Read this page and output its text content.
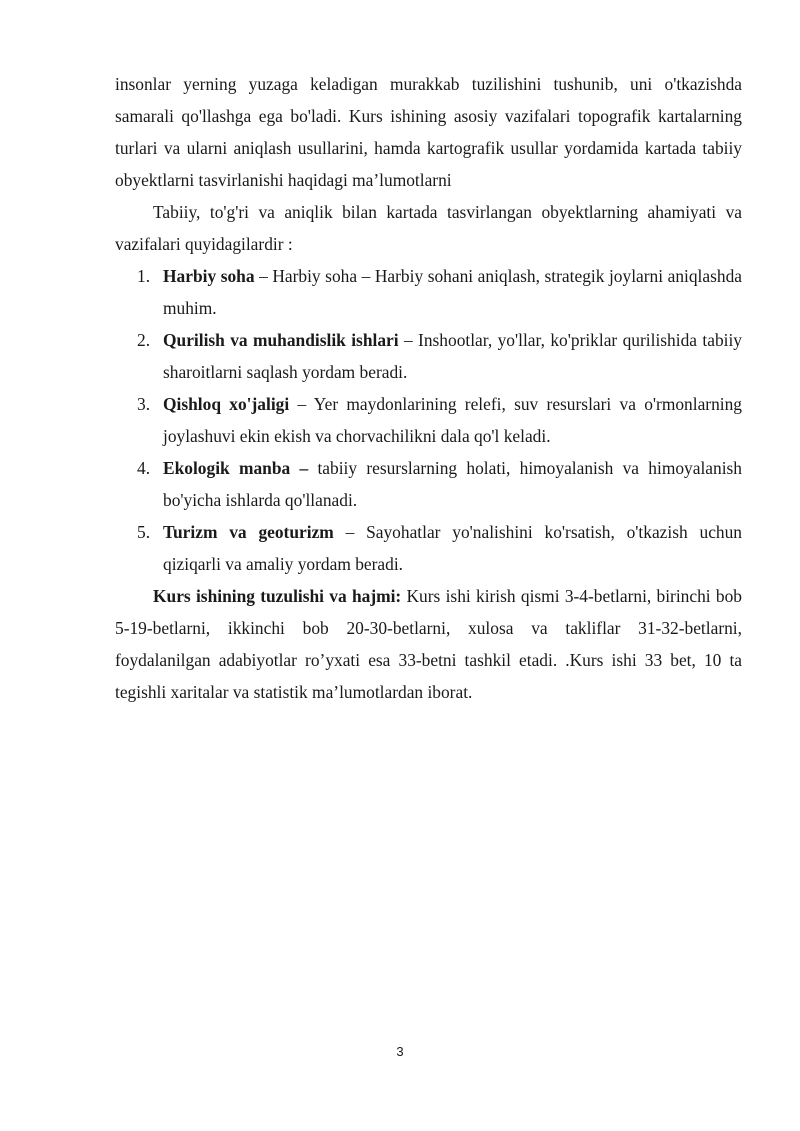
insonlar yerning yuzaga keladigan murakkab tuzilishini tushunib, uni o'tkazishda samarali qo'llashga ega bo'ladi. Kurs ishining asosiy vazifalari topografik kartalarning turlari va ularni aniqlash usullarini, hamda kartografik usullar yordamida kartada tabiiy obyektlarni tasvirlanishi haqidagi ma’lumotlarni

Tabiiy, to'g'ri va aniqlik bilan kartada tasvirlangan obyektlarning ahamiyati va vazifalari quyidagilardir :

1. Harbiy soha – Harbiy soha – Harbiy sohani aniqlash, strategik joylarni aniqlashda muhim.
2. Qurilish va muhandislik ishlari – Inshootlar, yo'llar, ko'priklar qurilishida tabiiy sharoitlarni saqlash yordam beradi.
3. Qishloq xo'jaligi – Yer maydonlarining relefi, suv resurslari va o'rmonlarning joylashuvi ekin ekish va chorvachilikni dala qo'l keladi.
4. Ekologik manba – tabiiy resurslarning holati, himoyalanish va himoyalanish bo'yicha ishlarda qo'llanadi.
5. Turizm va geoturizm – Sayohatlar yo'nalishini ko'rsatish, o'tkazish uchun qiziqarli va amaliy yordam beradi.

Kurs ishining tuzulishi va hajmi: Kurs ishi kirish qismi 3-4-betlarni, birinchi bob 5-19-betlarni, ikkinchi bob 20-30-betlarni, xulosa va takliflar 31-32-betlarni, foydalanilgan adabiyotlar ro’yxati esa 33-betni tashkil etadi. .Kurs ishi 33 bet, 10 ta tegishli xaritalar va statistik ma’lumotlardan iborat.

3
